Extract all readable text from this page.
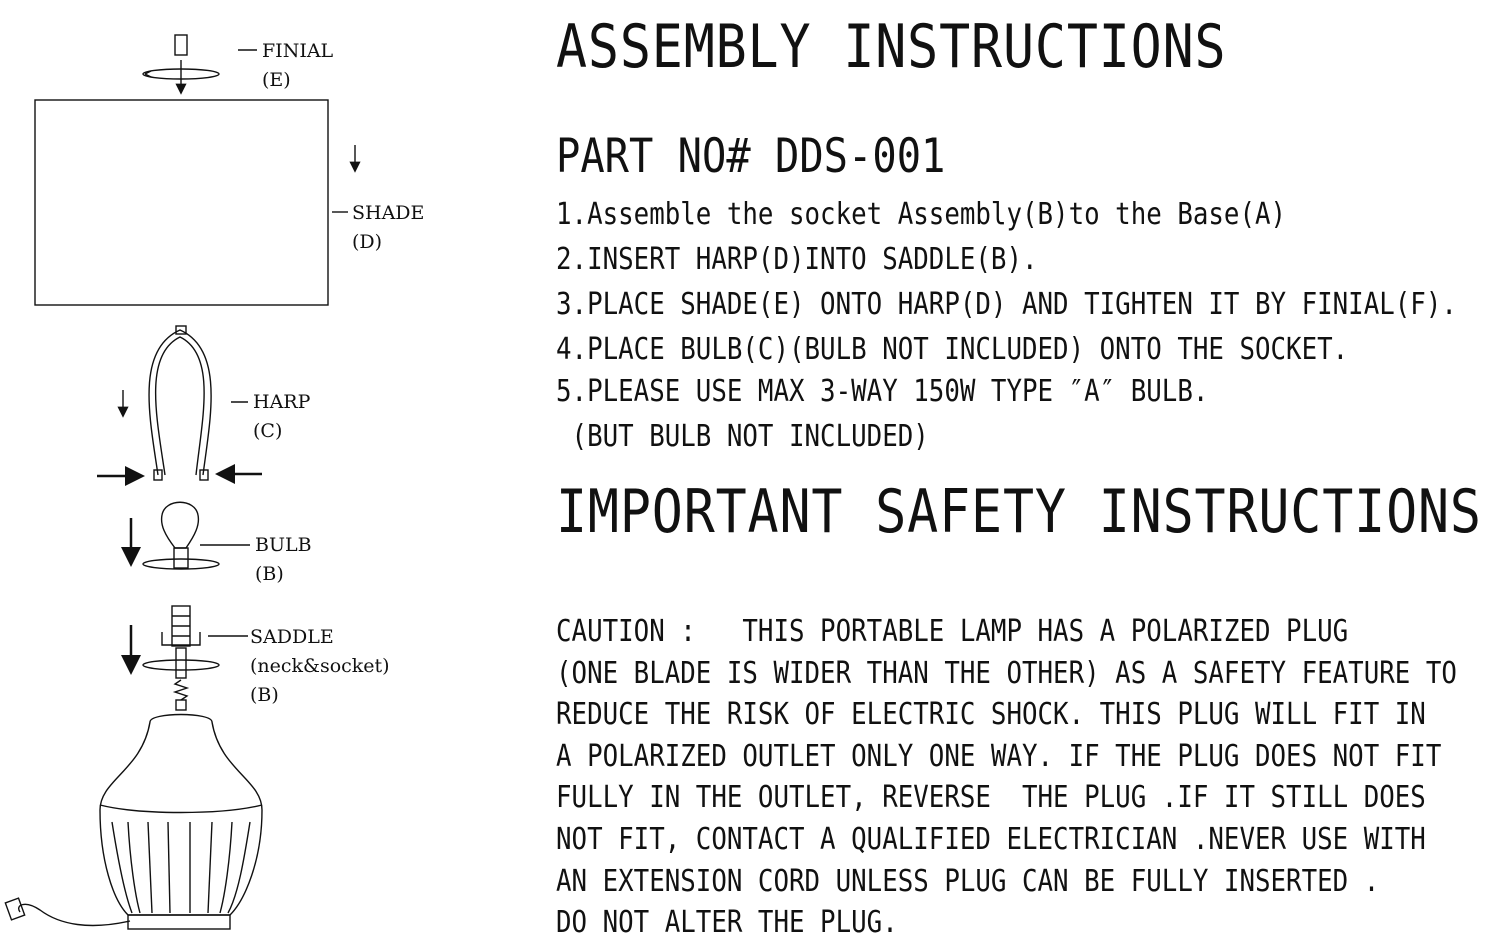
FINIAL
(E)
SHADE
(D)
HARP
(C)
BULB
(B)
SADDLE
(neck&socket)
(B)
ASSEMBLY INSTRUCTIONS
PART NO# DDS-001
1.Assemble the socket Assembly(B)to the Base(A)
2.INSERT HARP(D)INTO SADDLE(B).
3.PLACE SHADE(E) ONTO HARP(D) AND TIGHTEN IT BY FINIAL(F).
4.PLACE BULB(C)(BULB NOT INCLUDED) ONTO THE SOCKET.
5.PLEASE USE MAX 3-WAY 150W TYPE ″A″ BULB.
(BUT BULB NOT INCLUDED)
IMPORTANT SAFETY INSTRUCTIONS
CAUTION :   THIS PORTABLE LAMP HAS A POLARIZED PLUG
(ONE BLADE IS WIDER THAN THE OTHER) AS A SAFETY FEATURE TO
REDUCE THE RISK OF ELECTRIC SHOCK. THIS PLUG WILL FIT IN
A POLARIZED OUTLET ONLY ONE WAY. IF THE PLUG DOES NOT FIT
FULLY IN THE OUTLET, REVERSE  THE PLUG .IF IT STILL DOES
NOT FIT, CONTACT A QUALIFIED ELECTRICIAN .NEVER USE WITH
AN EXTENSION CORD UNLESS PLUG CAN BE FULLY INSERTED .
DO NOT ALTER THE PLUG.
